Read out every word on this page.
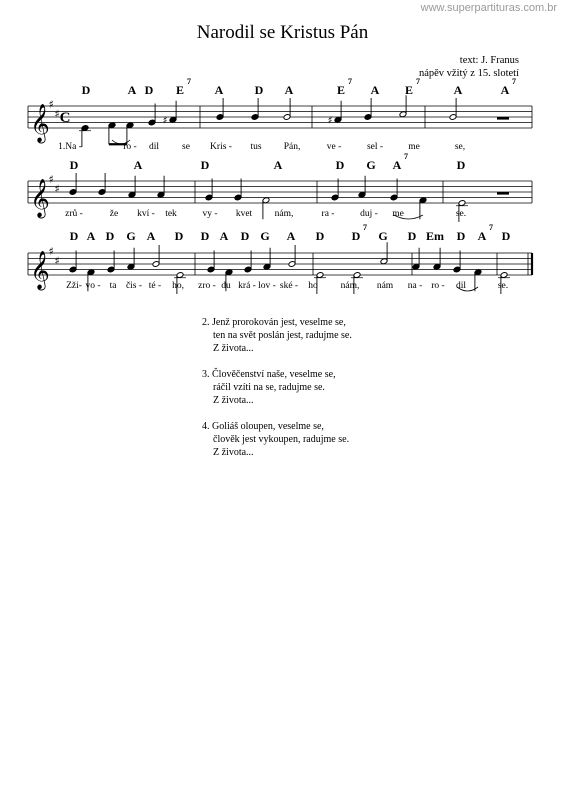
www.superpartituras.com.br
Narodil se Kristus Pán
text: J. Franus
nápěv vžitý z 15. slotetí
𝄞
♯
♯ C	♯	♯
D	A D E
7
A	D A	E
7
A E
7
A	A
7
1.Na -	ro - dil se Kris - tus Pán,	ve -	sel -	me	se,
𝄞
♯
♯
D	A	D	A	D G A
7
D
zrů -	že kví - tek	vy - kvet nám,	ra -	duj - me	se.
𝄞
♯
♯
D A D G A D D A D G A D D
7
G D Em D A
7
D
Zži- vo - ta čis - té - ho, zro - du krá - lov - ské - ho nám, nám na - ro - dil	se.
2. Jenž prorokován jest, veselme se,
ten na svět poslán jest, radujme se.
Z života...
3. Člověčenství naše, veselme se,
ráčil vzíti na se, radujme se.
Z života...
4. Goliáš oloupen, veselme se,
člověk jest vykoupen, radujme se.
Z života...
